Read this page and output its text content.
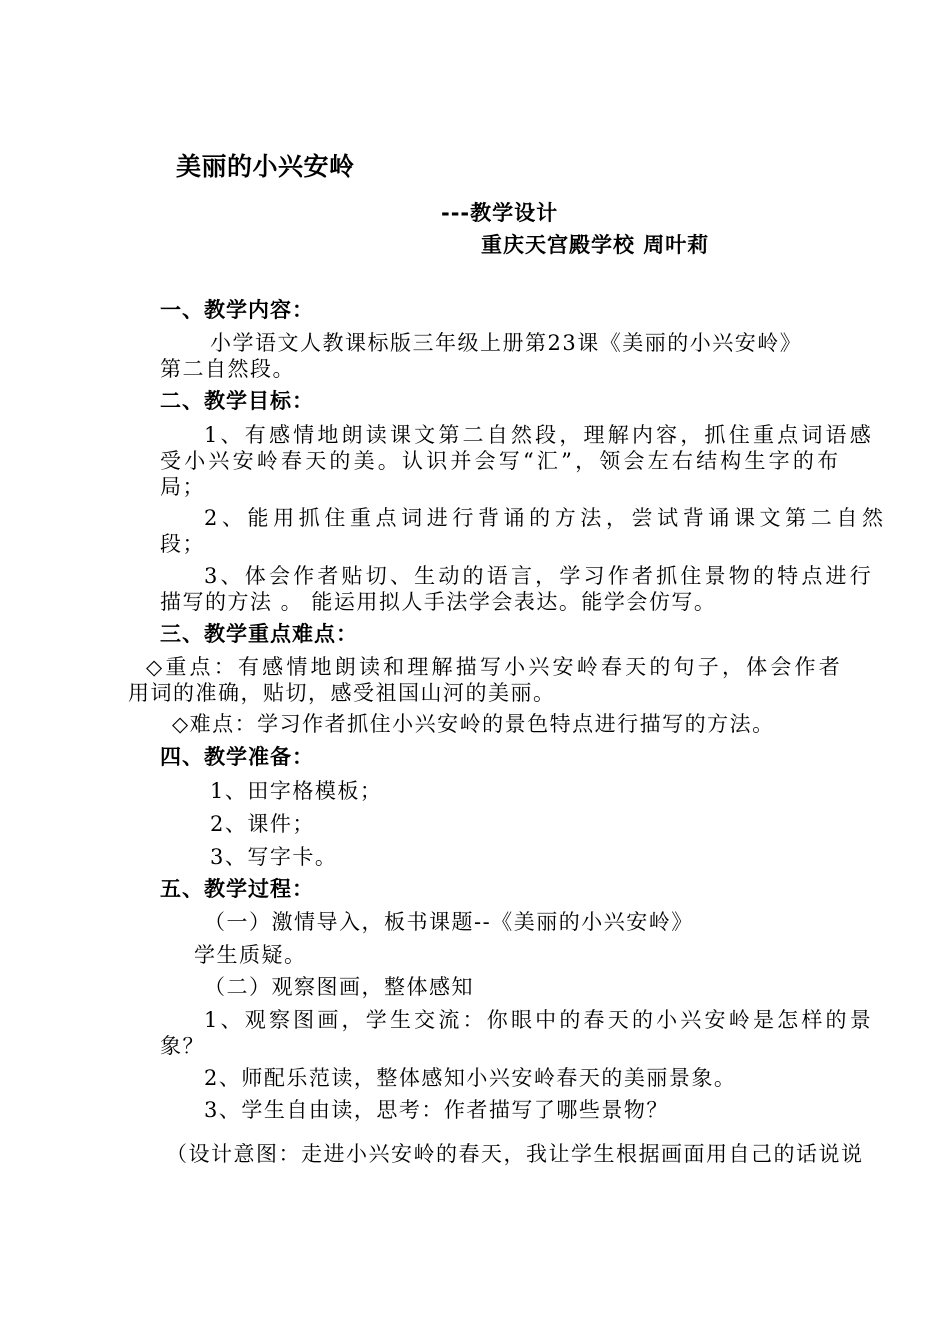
美丽的小兴安岭
---教学设计
重庆天宫殿学校 周叶莉
一、教学内容：
小学语文人教课标版三年级上册第23课《美丽的小兴安岭》
第二自然段。
二、教学目标：
1、有感情地朗读课文第二自然段，理解内容，抓住重点词语感
受小兴安岭春天的美。认识并会写“汇”，领会左右结构生字的布
局；
2、能用抓住重点词进行背诵的方法，尝试背诵课文第二自然
段；
3、体会作者贴切、生动的语言，学习作者抓住景物的特点进行
描写的方法 。 能运用拟人手法学会表达。能学会仿写。
三、教学重点难点：
◇重点：有感情地朗读和理解描写小兴安岭春天的句子，体会作者
用词的准确，贴切，感受祖国山河的美丽。
◇难点：学习作者抓住小兴安岭的景色特点进行描写的方法。
四、教学准备：
1、田字格模板；
2、课件；
3、写字卡。
五、教学过程：
（一）激情导入，板书课题--《美丽的小兴安岭》
学生质疑。
（二）观察图画，整体感知
1、观察图画，学生交流：你眼中的春天的小兴安岭是怎样的景
象？
2、师配乐范读，整体感知小兴安岭春天的美丽景象。
3、学生自由读，思考：作者描写了哪些景物？
（设计意图：走进小兴安岭的春天，我让学生根据画面用自己的话说说
